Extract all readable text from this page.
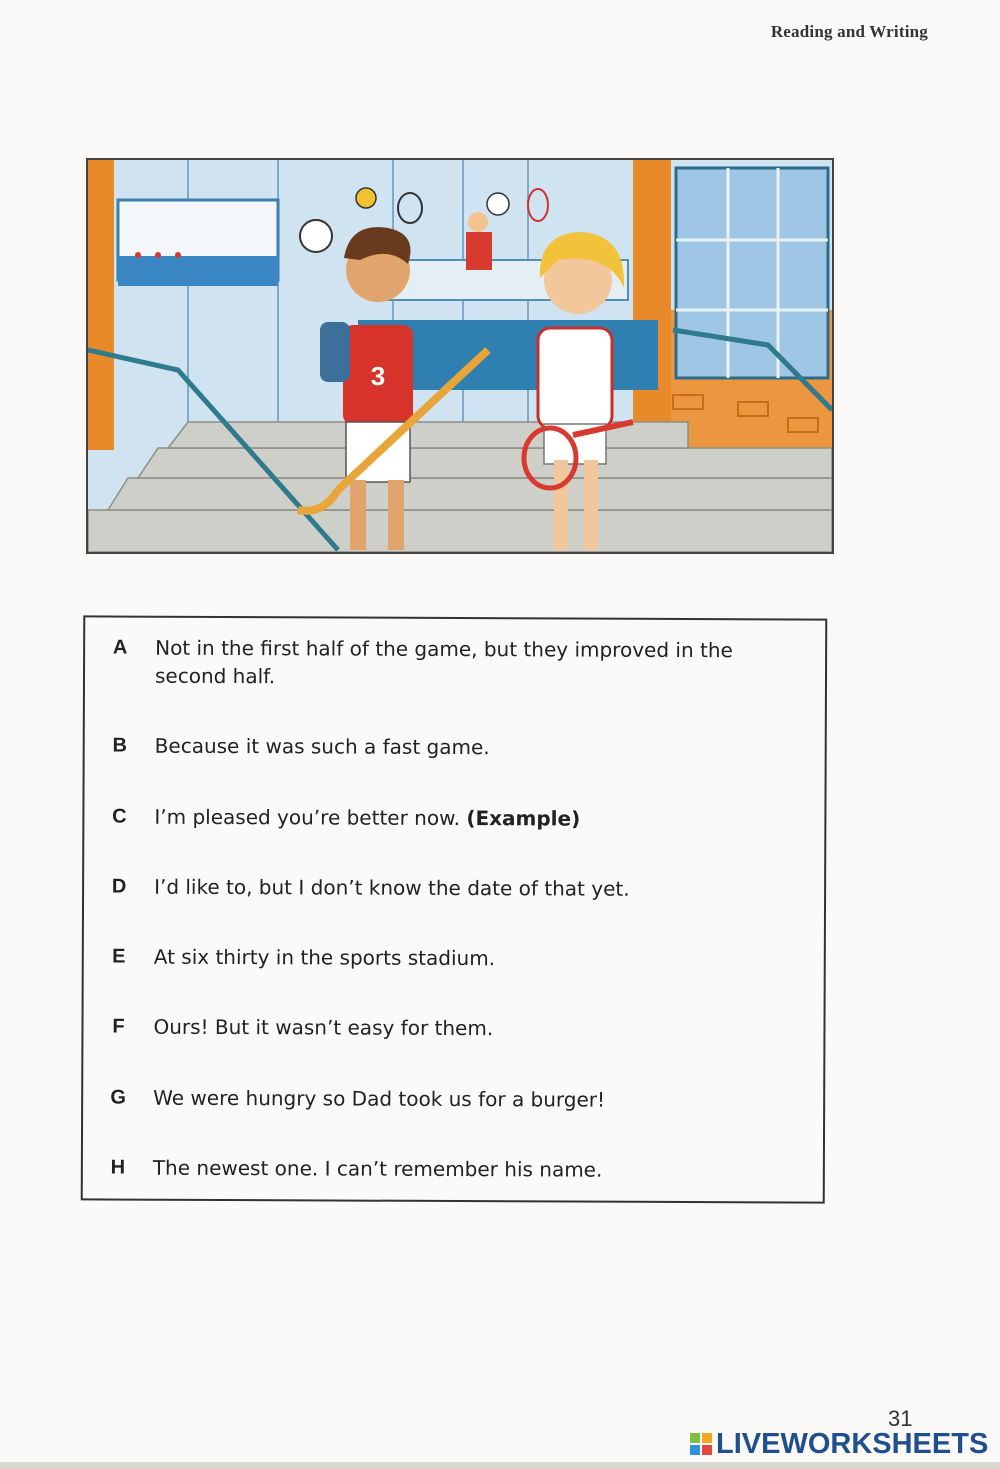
Reading and Writing
3
A	Not in the first half of the game, but they improved in the second half.
B	Because it was such a fast game.
C	I’m pleased you’re better now. (Example)
D	I’d like to, but I don’t know the date of that yet.
E	At six thirty in the sports stadium.
F	Ours! But it wasn’t easy for them.
G	We were hungry so Dad took us for a burger!
H	The newest one. I can’t remember his name.
31
LIVEWORKSHEETS
